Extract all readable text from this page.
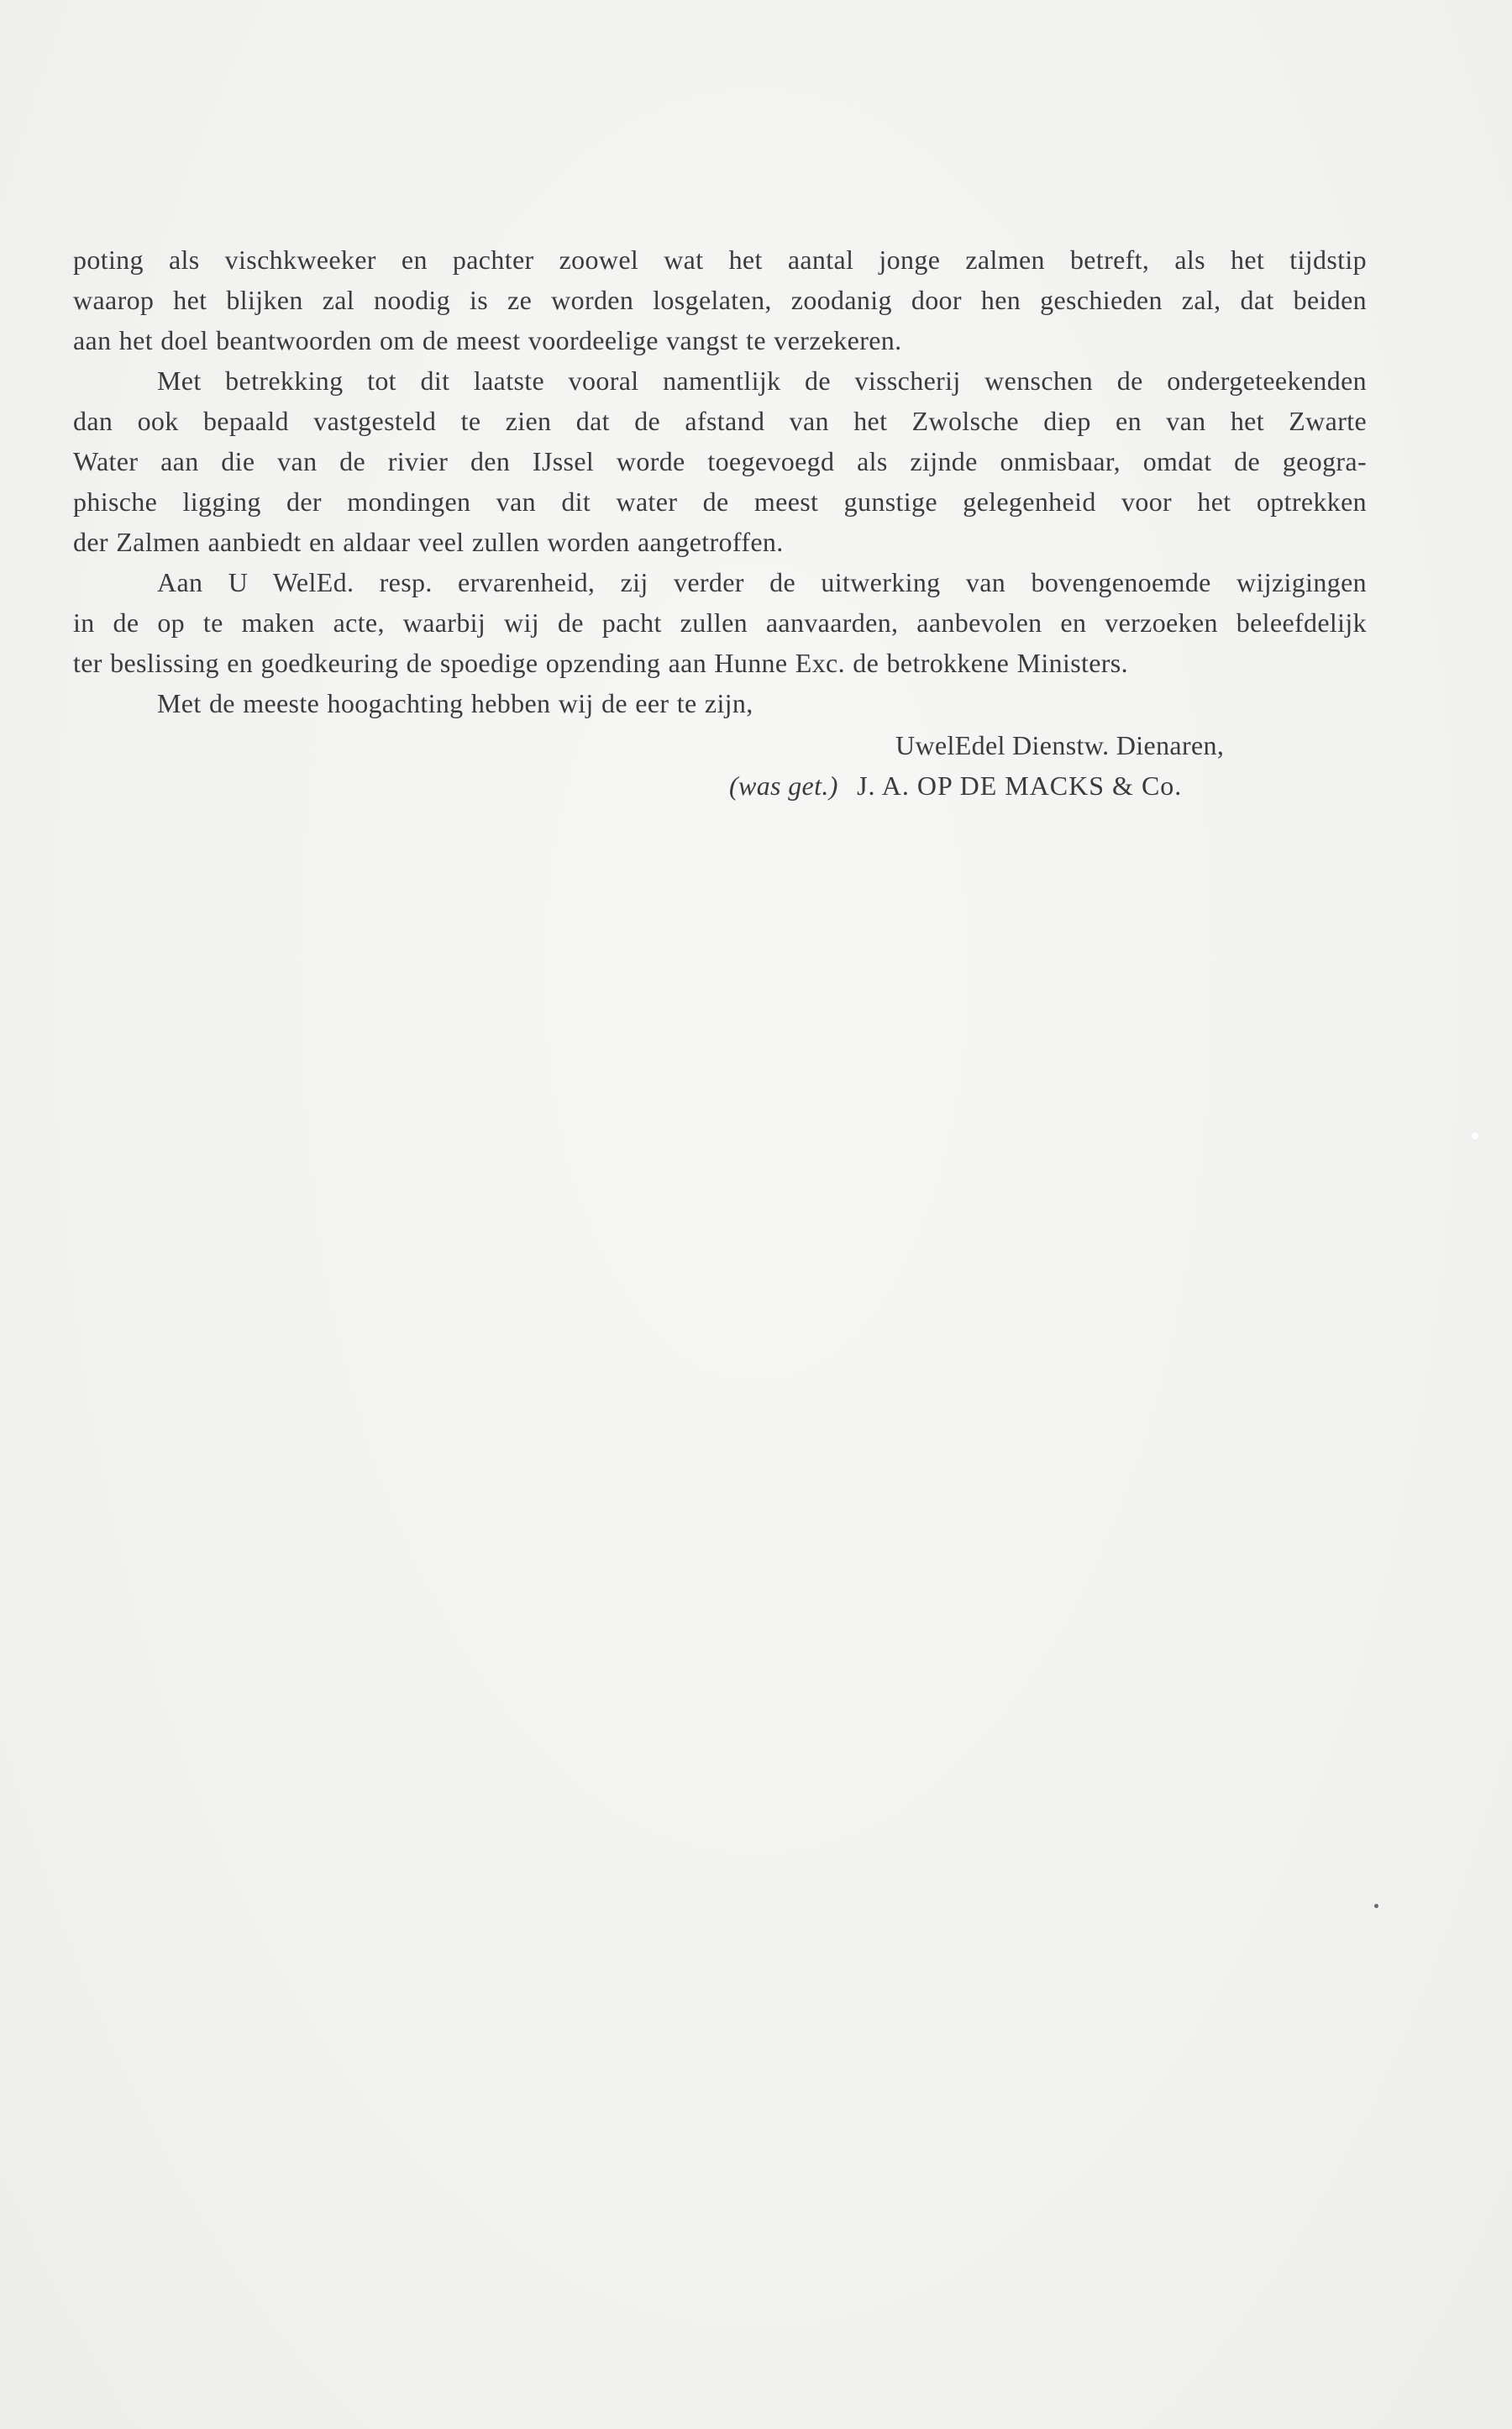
poting als vischkweeker en pachter zoowel wat het aantal jonge zalmen betreft, als het tijdstip
waarop het blijken zal noodig is ze worden losgelaten, zoodanig door hen geschieden zal, dat beiden
aan het doel beantwoorden om de meest voordeelige vangst te verzekeren.
Met betrekking tot dit laatste vooral namentlijk de visscherij wenschen de ondergeteekenden
dan ook bepaald vastgesteld te zien dat de afstand van het Zwolsche diep en van het Zwarte
Water aan die van de rivier den IJssel worde toegevoegd als zijnde onmisbaar, omdat de geogra-
phische ligging der mondingen van dit water de meest gunstige gelegenheid voor het optrekken
der Zalmen aanbiedt en aldaar veel zullen worden aangetroffen.
Aan U WelEd. resp. ervarenheid, zij verder de uitwerking van bovengenoemde wijzigingen
in de op te maken acte, waarbij wij de pacht zullen aanvaarden, aanbevolen en verzoeken beleefdelijk
ter beslissing en goedkeuring de spoedige opzending aan Hunne Exc. de betrokkene Ministers.
Met de meeste hoogachting hebben wij de eer te zijn,
UwelEdel Dienstw. Dienaren,
(was get.) J. A. OP DE MACKS & Co.
